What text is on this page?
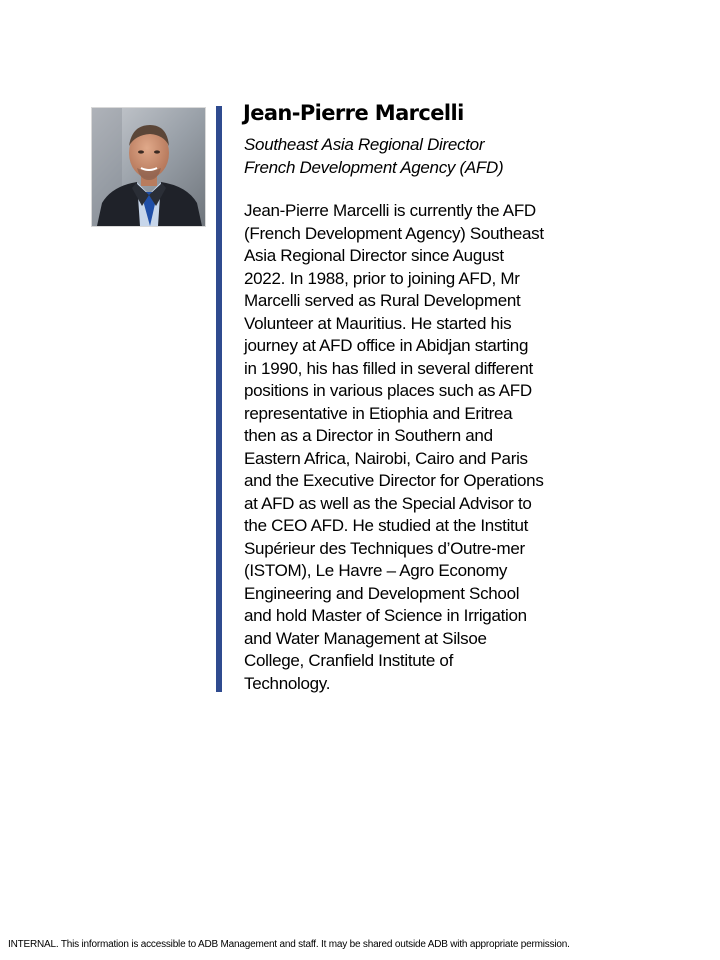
Jean-Pierre Marcelli
Southeast Asia Regional Director
French Development Agency (AFD)
Jean-Pierre Marcelli is currently the AFD
(French Development Agency) Southeast
Asia Regional Director since August
2022. In 1988, prior to joining AFD, Mr
Marcelli served as Rural Development
Volunteer at Mauritius. He started his
journey at AFD office in Abidjan starting
in 1990, his has filled in several different
positions in various places such as AFD
representative in Etiophia and Eritrea
then as a Director in Southern and
Eastern Africa, Nairobi, Cairo and Paris
and the Executive Director for Operations
at AFD as well as the Special Advisor to
the CEO AFD. He studied at the Institut
Supérieur des Techniques d’Outre-mer
(ISTOM), Le Havre – Agro Economy
Engineering and Development School
and hold Master of Science in Irrigation
and Water Management at Silsoe
College, Cranfield Institute of
Technology.
INTERNAL. This information is accessible to ADB Management and staff. It may be shared outside ADB with appropriate permission.
